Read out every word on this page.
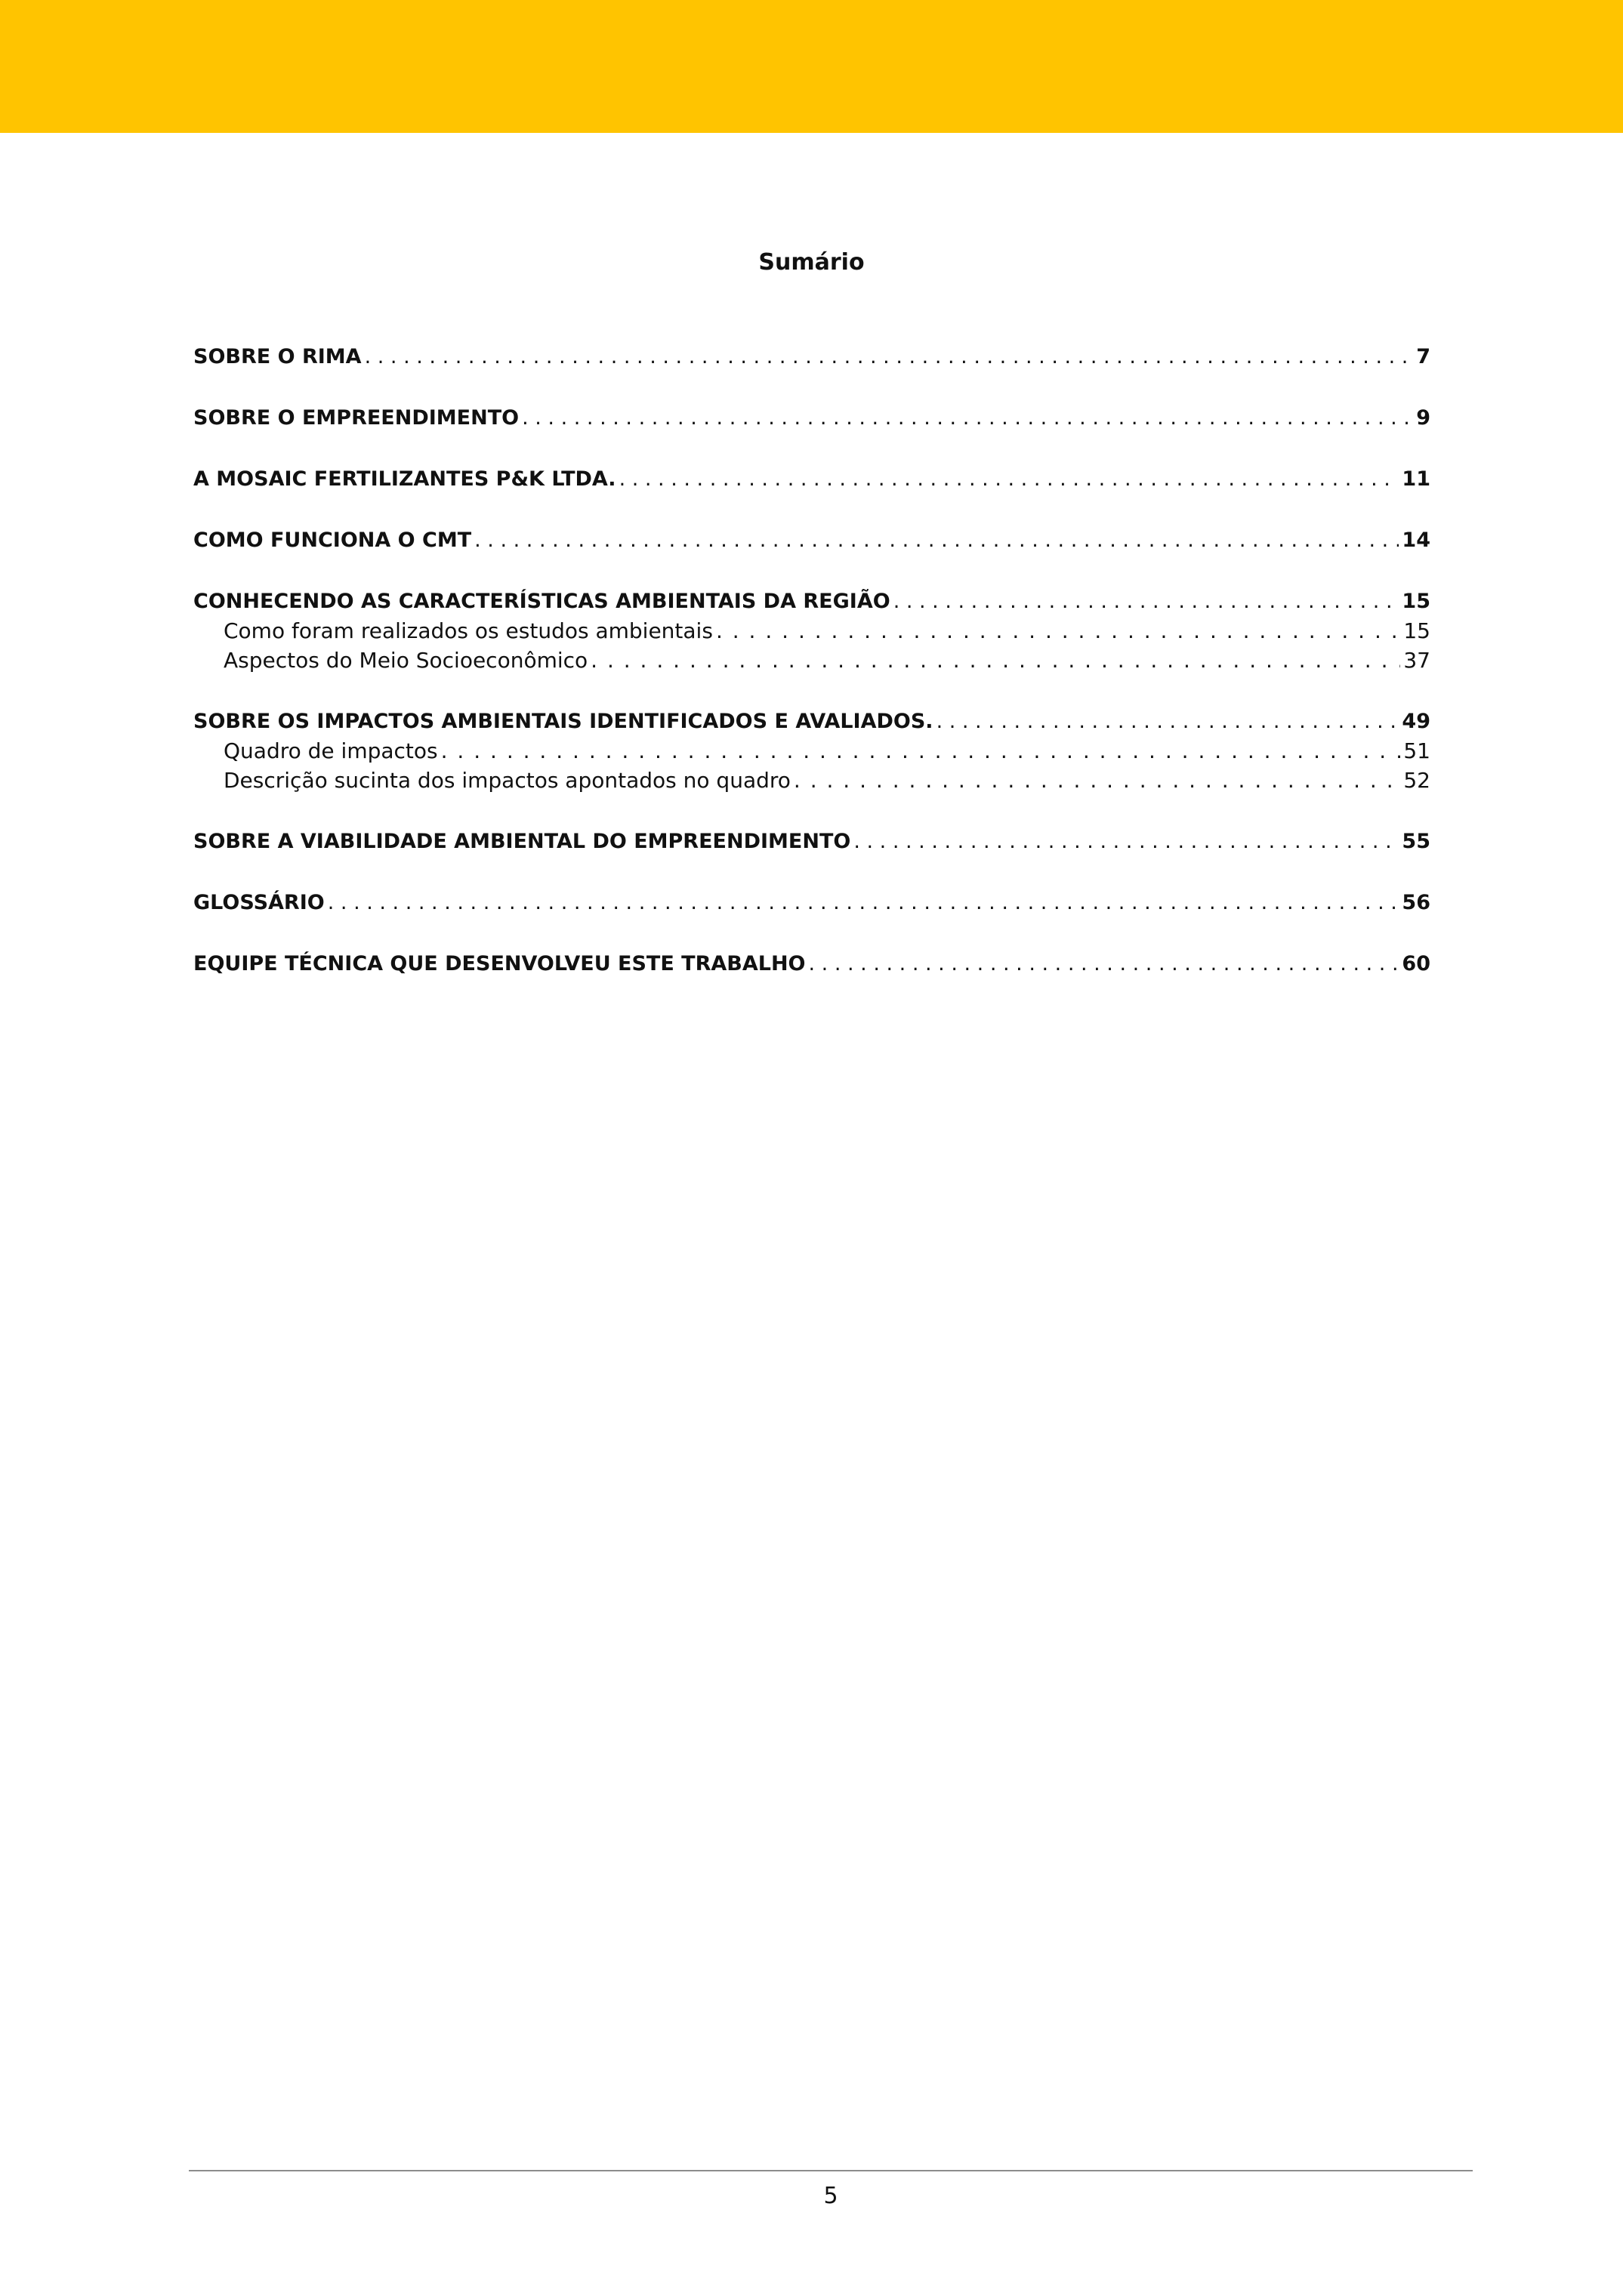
Sumário
SOBRE O RIMA . . .	7
SOBRE O EMPREENDIMENTO . . .	9
A MOSAIC FERTILIZANTES P&K LTDA. . . .	11
COMO FUNCIONA O CMT . . .	14
CONHECENDO AS CARACTERÍSTICAS AMBIENTAIS DA REGIÃO . . .	15
Como foram realizados os estudos ambientais . . .	15
Aspectos do Meio Socioeconômico . . .	37
SOBRE OS IMPACTOS AMBIENTAIS IDENTIFICADOS E AVALIADOS. . . .	49
Quadro de impactos . . .	51
Descrição sucinta dos impactos apontados no quadro . . .	52
SOBRE A VIABILIDADE AMBIENTAL DO EMPREENDIMENTO . . .	55
GLOSSÁRIO . . .	56
EQUIPE TÉCNICA QUE DESENVOLVEU ESTE TRABALHO . . .	60
5
